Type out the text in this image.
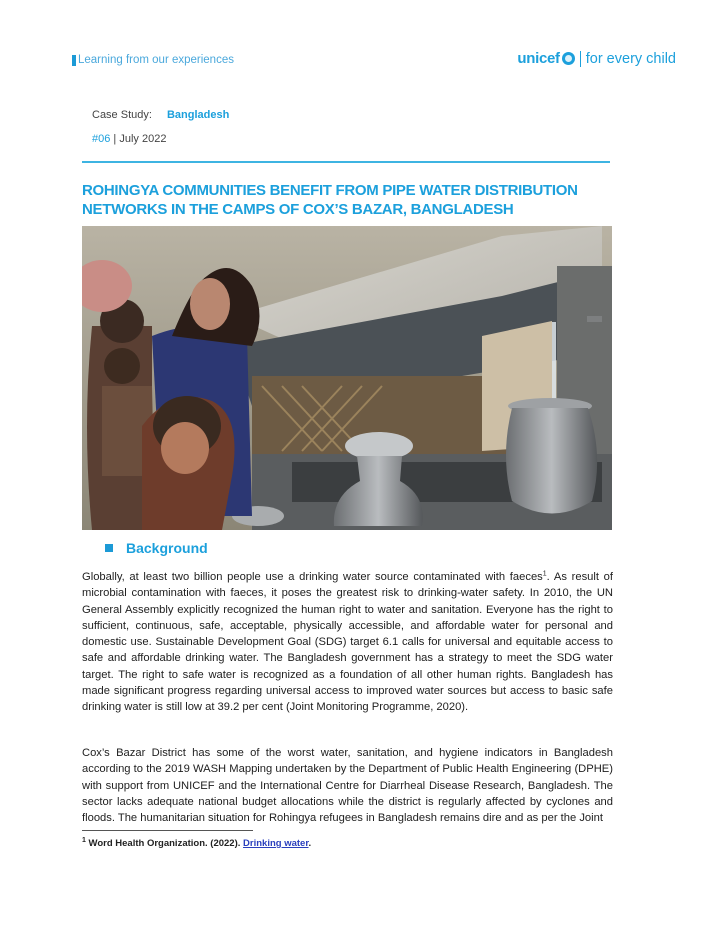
Learning from our experiences	unicef for every child
Case Study: Bangladesh
#06 | July 2022
ROHINGYA COMMUNITIES BENEFIT FROM PIPE WATER DISTRIBUTION NETWORKS IN THE CAMPS OF COX’S BAZAR, BANGLADESH
Background

Globally, at least two billion people use a drinking water source contaminated with faeces$^1$. As result of microbial contamination with faeces, it poses the greatest risk to drinking-water safety. In 2010, the UN General Assembly explicitly recognized the human right to water and sanitation. Everyone has the right to sufficient, continuous, safe, acceptable, physically accessible, and affordable water for personal and domestic use. Sustainable Development Goal (SDG) target 6.1 calls for universal and equitable access to safe and affordable drinking water. The Bangladesh government has a strategy to meet the SDG water target. The right to safe water is recognized as a foundation of all other human rights. Bangladesh has made significant progress regarding universal access to improved water sources but access to basic safe drinking water is still low at 39.2 per cent (Joint Monitoring Programme, 2020).

Cox’s Bazar District has some of the worst water, sanitation, and hygiene indicators in Bangladesh according to the 2019 WASH Mapping undertaken by the Department of Public Health Engineering (DPHE) with support from UNICEF and the International Centre for Diarrheal Disease Research, Bangladesh. The sector lacks adequate national budget allocations while the district is regularly affected by cyclones and floods. The humanitarian situation for Rohingya refugees in Bangladesh remains dire and as per the Joint

$^1$ Word Health Organization. (2022). Drinking water.
